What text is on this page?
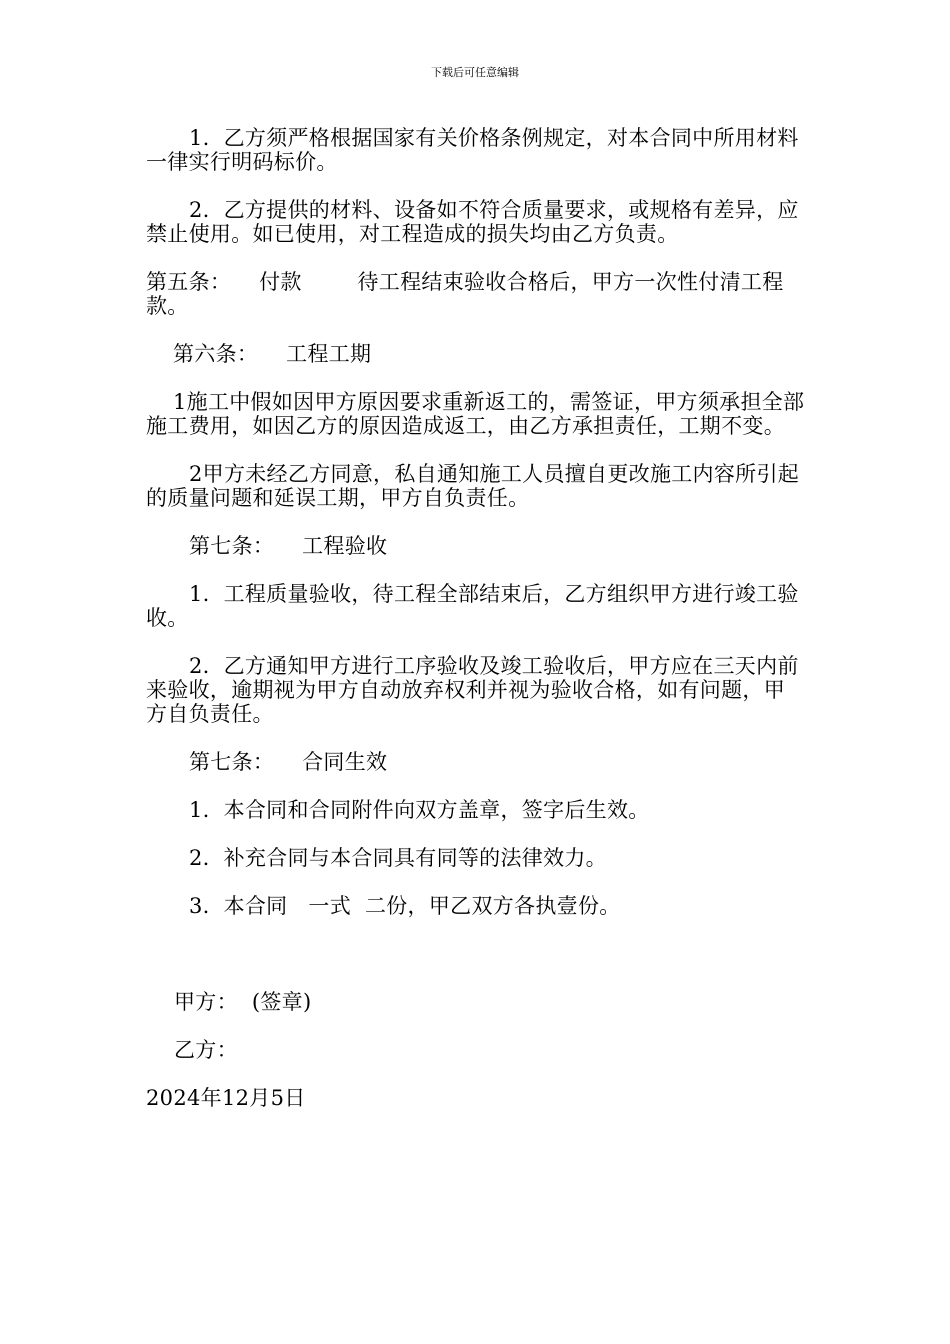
下载后可任意编辑

1.  乙方须严格根据国家有关价格条例规定，对本合同中所用材料一律实行明码标价。

2.  乙方提供的材料、设备如不符合质量要求，或规格有差异，应禁止使用。如已使用，对工程造成的损失均由乙方负责。

第五条：    付款        待工程结束验收合格后，甲方一次性付清工程款。

第六条：    工程工期

1施工中假如因甲方原因要求重新返工的，需签证，甲方须承担全部施工费用，如因乙方的原因造成返工，由乙方承担责任，工期不变。

2甲方未经乙方同意，私自通知施工人员擅自更改施工内容所引起的质量问题和延误工期，甲方自负责任。

第七条：    工程验收

1.  工程质量验收，待工程全部结束后，乙方组织甲方进行竣工验收。

2.  乙方通知甲方进行工序验收及竣工验收后，甲方应在三天内前来验收，逾期视为甲方自动放弃权利并视为验收合格，如有问题，甲方自负责任。

第七条：    合同生效

1.  本合同和合同附件向双方盖章，签字后生效。

2.  补充合同与本合同具有同等的法律效力。

3.  本合同   一式  二份，甲乙双方各执壹份。

甲方：  (签章)

乙方：

2024年12月5日
